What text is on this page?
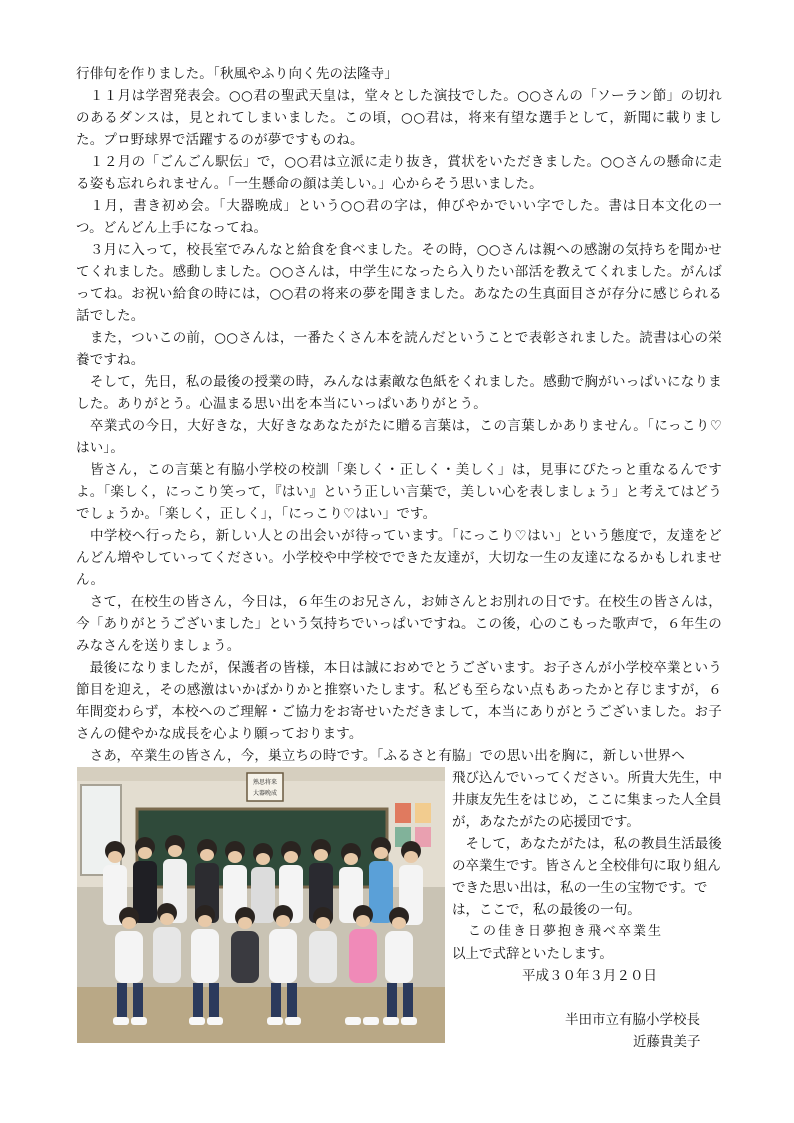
行俳句を作りました。「秋風やふり向く先の法隆寺」

　１１月は学習発表会。○○君の聖武天皇は，堂々とした演技でした。○○さんの「ソーラン節」の切れのあるダンスは，見とれてしまいました。この頃，○○君は，将来有望な選手として，新聞に載りました。プロ野球界で活躍するのが夢ですものね。

　１２月の「ごんごん駅伝」で，○○君は立派に走り抜き，賞状をいただきました。○○さんの懸命に走る姿も忘れられません。「一生懸命の顔は美しい。」心からそう思いました。

　１月，書き初め会。「大器晩成」という○○君の字は，伸びやかでいい字でした。書は日本文化の一つ。どんどん上手になってね。

　３月に入って，校長室でみんなと給食を食べました。その時，○○さんは親への感謝の気持ちを聞かせてくれました。感動しました。○○さんは，中学生になったら入りたい部活を教えてくれました。がんばってね。お祝い給食の時には，○○君の将来の夢を聞きました。あなたの生真面目さが存分に感じられる話でした。

　また，ついこの前，○○さんは，一番たくさん本を読んだということで表彰されました。読書は心の栄養ですね。

　そして，先日，私の最後の授業の時，みんなは素敵な色紙をくれました。感動で胸がいっぱいになりました。ありがとう。心温まる思い出を本当にいっぱいありがとう。

　卒業式の今日，大好きな，大好きなあなたがたに贈る言葉は，この言葉しかありません。「にっこり♡はい」。

　皆さん，この言葉と有脇小学校の校訓「楽しく・正しく・美しく」は，見事にぴたっと重なるんですよ。「楽しく，にっこり笑って，『はい』という正しい言葉で，美しい心を表しましょう」と考えてはどうでしょうか。「楽しく，正しく」，「にっこり♡はい」です。

　中学校へ行ったら，新しい人との出会いが待っています。「にっこり♡はい」という態度で，友達をどんどん増やしていってください。小学校や中学校でできた友達が，大切な一生の友達になるかもしれません。

　さて，在校生の皆さん，今日は，６年生のお兄さん，お姉さんとお別れの日です。在校生の皆さんは，今「ありがとうございました」という気持ちでいっぱいですね。この後，心のこもった歌声で，６年生のみなさんを送りましょう。

　最後になりましたが，保護者の皆様，本日は誠におめでとうございます。お子さんが小学校卒業という節目を迎え，その感激はいかばかりかと推察いたします。私ども至らない点もあったかと存じますが，６年間変わらず，本校へのご理解・ご協力をお寄せいただきまして，本当にありがとうございました。お子さんの健やかな成長を心より願っております。

　さあ，卒業生の皆さん，今，巣立ちの時です。「ふるさと有脇」での思い出を胸に，新しい世界へ

熟思将来
大器晩成

飛び込んでいってください。所貴大先生，中井康友先生をはじめ，ここに集まった人全員が，あなたがたの応援団です。

　そして，あなたがたは，私の教員生活最後の卒業生です。皆さんと全校俳句に取り組んできた思い出は，私の一生の宝物です。では，ここで，私の最後の一句。

この佳き日夢抱き飛べ卒業生

以上で式辞といたします。

平成３０年３月２０日

半田市立有脇小学校長

近藤貴美子
